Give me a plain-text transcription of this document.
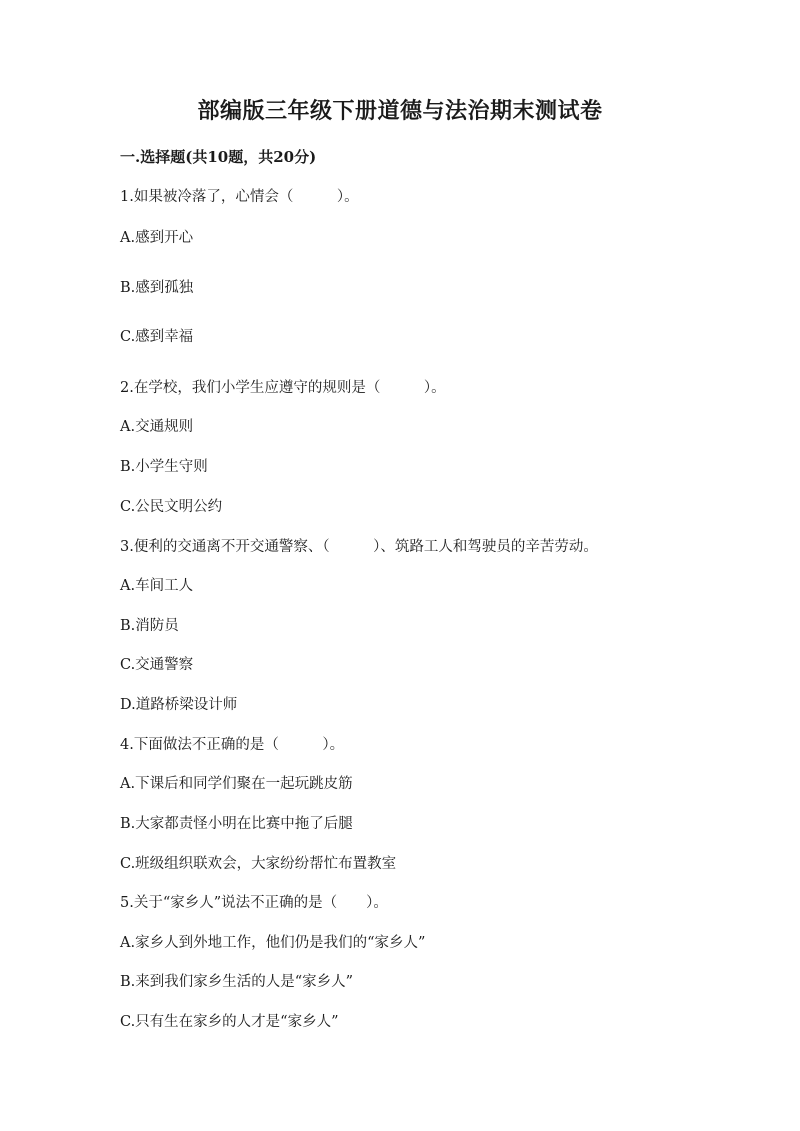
部编版三年级下册道德与法治期末测试卷
一.选择题(共10题，共20分)
1.如果被冷落了，心情会（　　　）。
A.感到开心
B.感到孤独
C.感到幸福
2.在学校，我们小学生应遵守的规则是（　　　）。
A.交通规则
B.小学生守则
C.公民文明公约
3.便利的交通离不开交通警察、（　　　）、筑路工人和驾驶员的辛苦劳动。
A.车间工人
B.消防员
C.交通警察
D.道路桥梁设计师
4.下面做法不正确的是（　　　）。
A.下课后和同学们聚在一起玩跳皮筋
B.大家都责怪小明在比赛中拖了后腿
C.班级组织联欢会，大家纷纷帮忙布置教室
5.关于“家乡人”说法不正确的是（　　）。
A.家乡人到外地工作，他们仍是我们的“家乡人”
B.来到我们家乡生活的人是“家乡人”
C.只有生在家乡的人才是“家乡人”
